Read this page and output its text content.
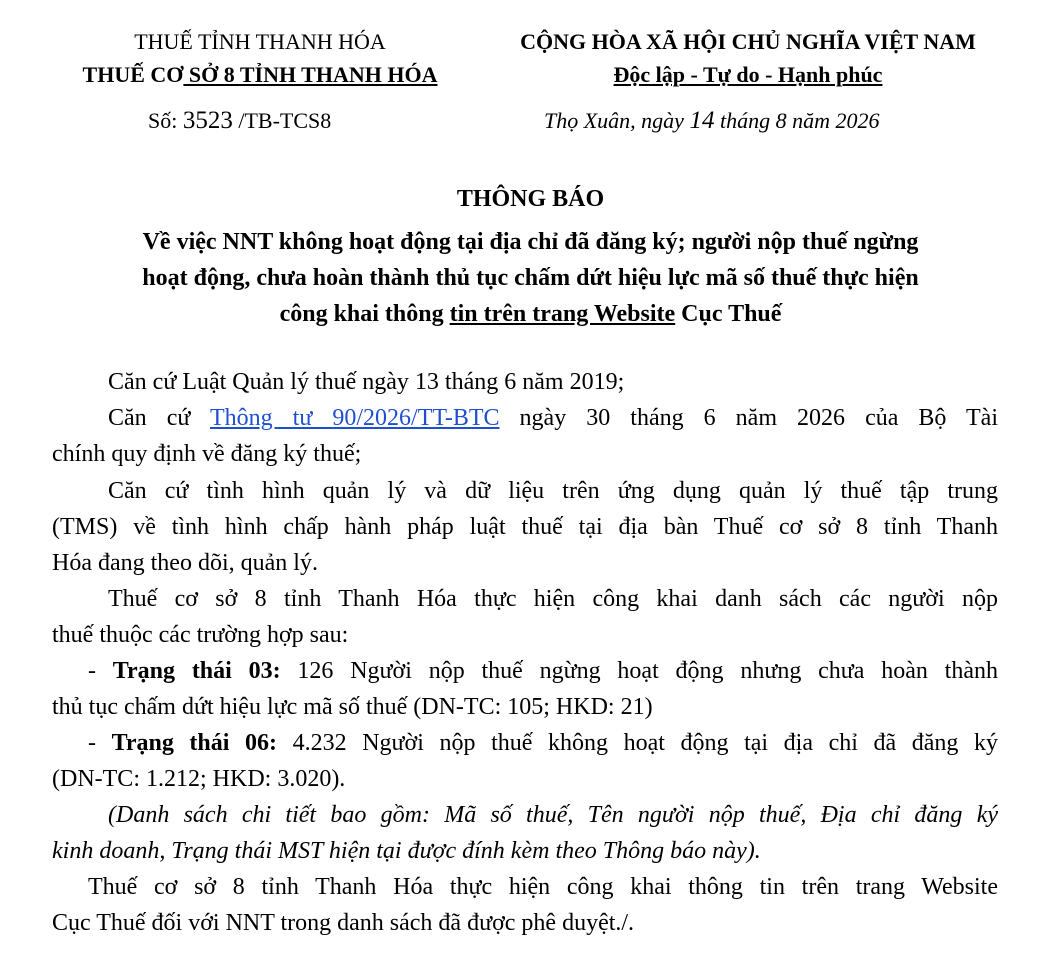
THUẾ TỈNH THANH HÓA
THUẾ CƠ SỞ 8 TỈNH THANH HÓA
CỘNG HÒA XÃ HỘI CHỦ NGHĨA VIỆT NAM
Độc lập - Tự do - Hạnh phúc
Số: 3523 /TB-TCS8	Thọ Xuân, ngày 14 tháng 8 năm 2026
THÔNG BÁO
Về việc NNT không hoạt động tại địa chỉ đã đăng ký; người nộp thuế ngừng
hoạt động, chưa hoàn thành thủ tục chấm dứt hiệu lực mã số thuế thực hiện
công khai thông tin trên trang Website Cục Thuế
Căn cứ Luật Quản lý thuế ngày 13 tháng 6 năm 2019;
Căn cứ Thông tư 90/2026/TT-BTC ngày 30 tháng 6 năm 2026 của Bộ Tài
chính quy định về đăng ký thuế;
Căn cứ tình hình quản lý và dữ liệu trên ứng dụng quản lý thuế tập trung
(TMS) về tình hình chấp hành pháp luật thuế tại địa bàn Thuế cơ sở 8 tỉnh Thanh
Hóa đang theo dõi, quản lý.
Thuế cơ sở 8 tỉnh Thanh Hóa thực hiện công khai danh sách các người nộp
thuế thuộc các trường hợp sau:
- Trạng thái 03: 126 Người nộp thuế ngừng hoạt động nhưng chưa hoàn thành
thủ tục chấm dứt hiệu lực mã số thuế (DN-TC: 105; HKD: 21)
- Trạng thái 06: 4.232 Người nộp thuế không hoạt động tại địa chỉ đã đăng ký
(DN-TC: 1.212; HKD: 3.020).
(Danh sách chi tiết bao gồm: Mã số thuế, Tên người nộp thuế, Địa chỉ đăng ký
kinh doanh, Trạng thái MST hiện tại được đính kèm theo Thông báo này).
Thuế cơ sở 8 tỉnh Thanh Hóa thực hiện công khai thông tin trên trang Website
Cục Thuế đối với NNT trong danh sách đã được phê duyệt./.
